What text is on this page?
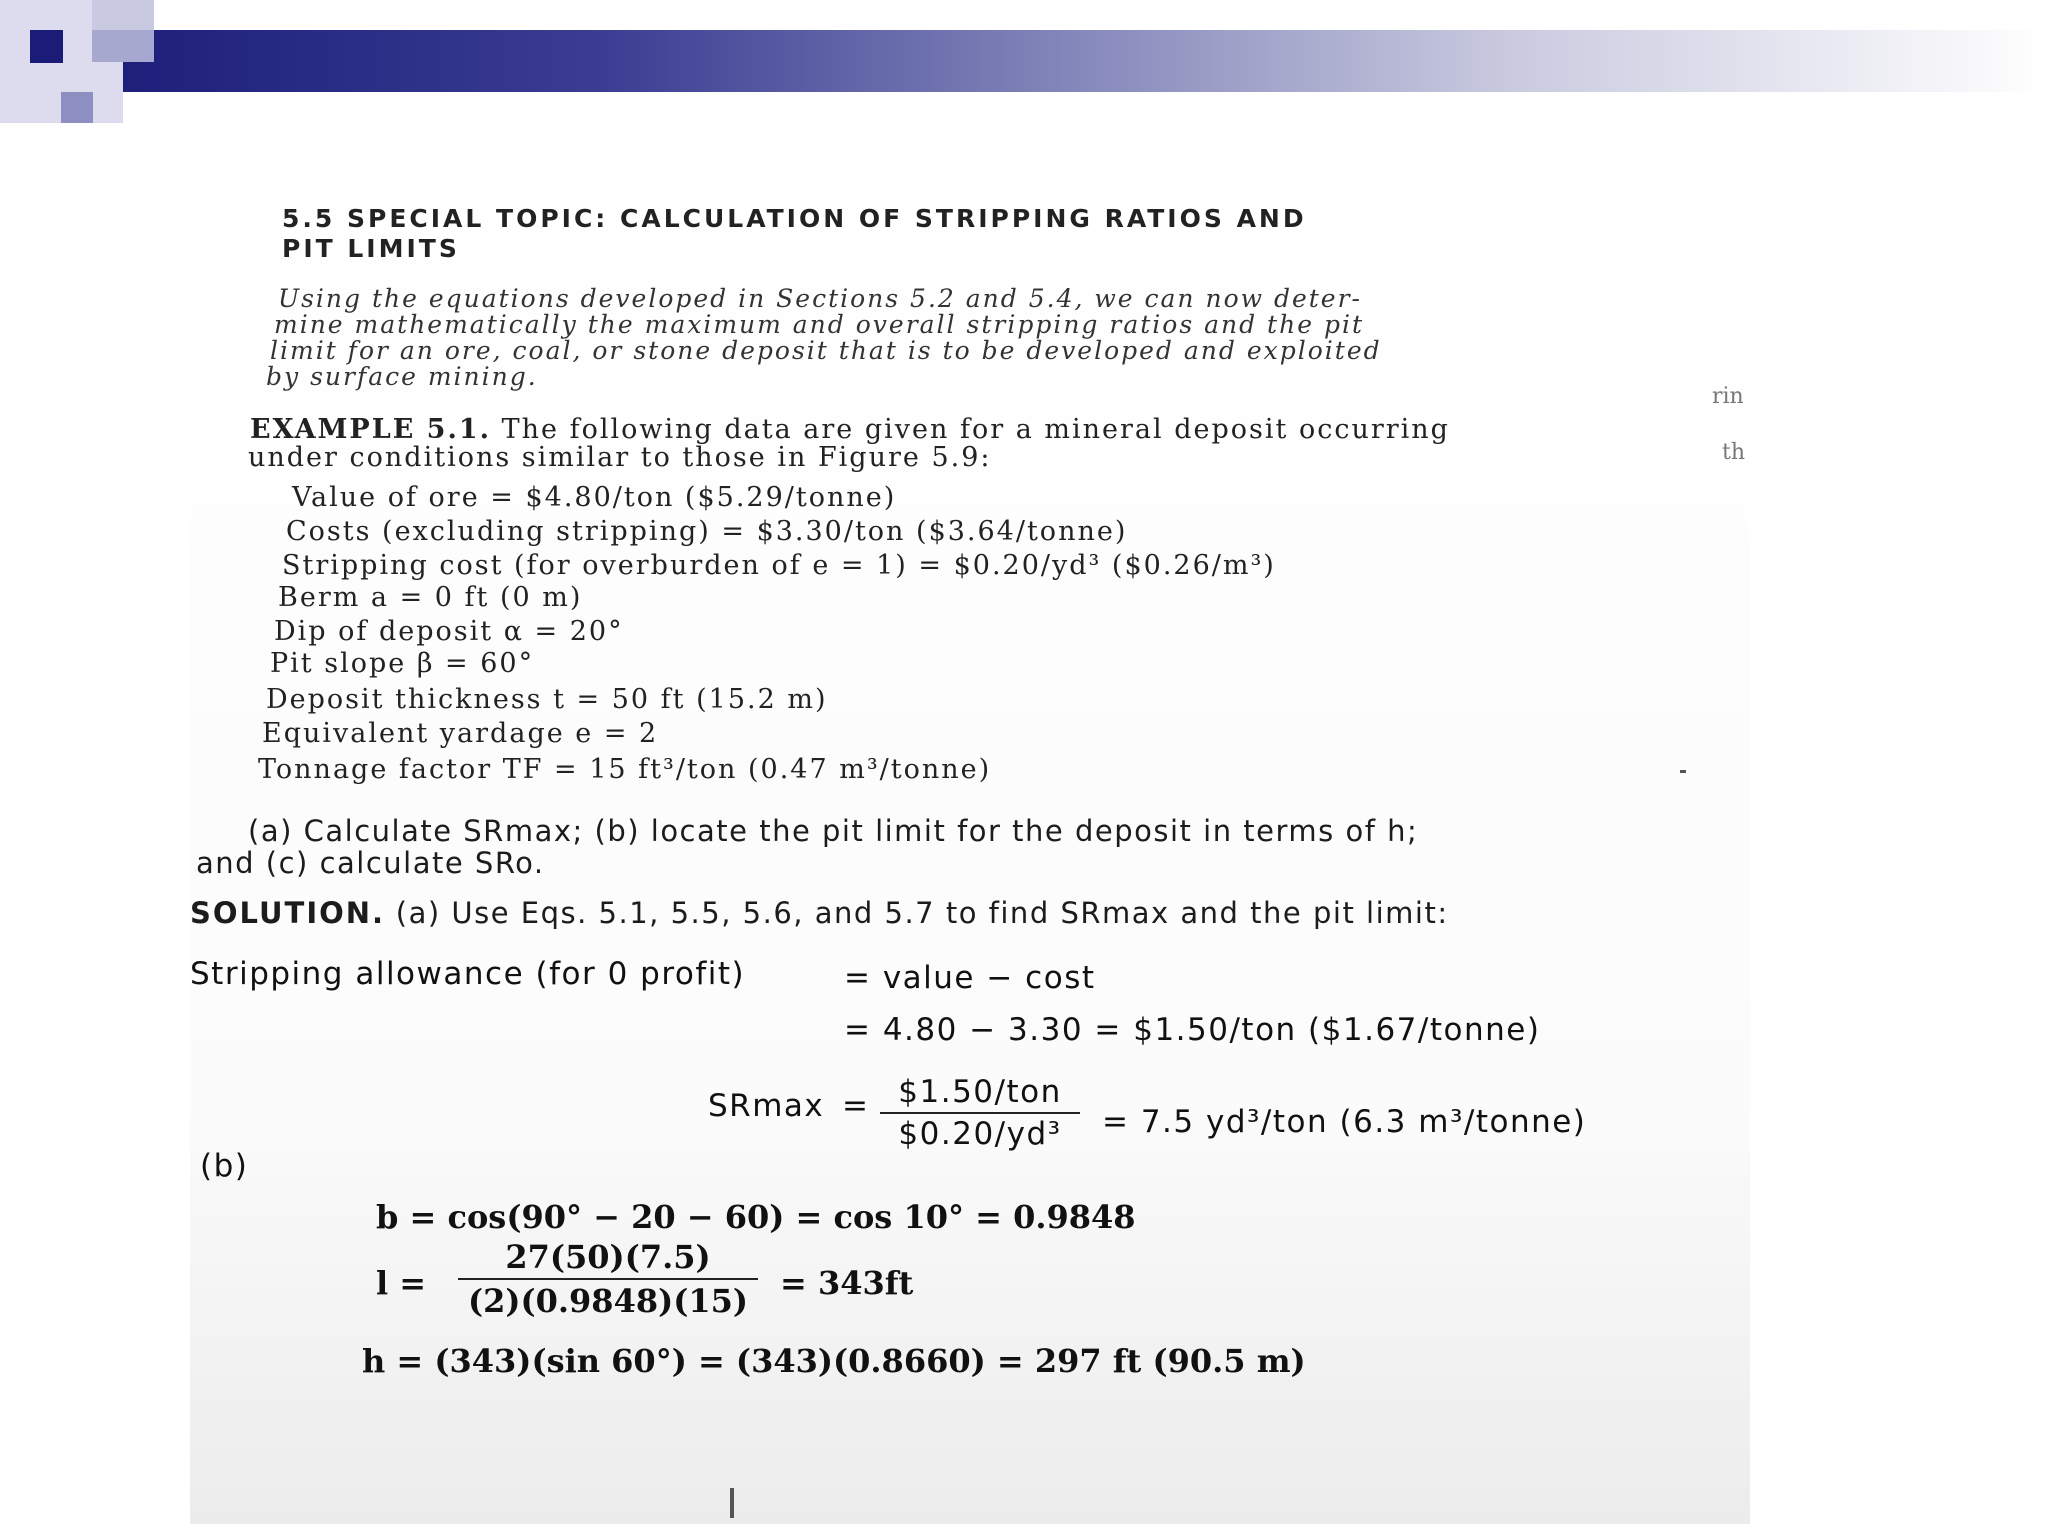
5.5 SPECIAL TOPIC: CALCULATION OF STRIPPING RATIOS AND
PIT LIMITS
Using the equations developed in Sections 5.2 and 5.4, we can now deter-
mine mathematically the maximum and overall stripping ratios and the pit
limit for an ore, coal, or stone deposit that is to be developed and exploited
by surface mining.
EXAMPLE 5.1. The following data are given for a mineral deposit occurring
under conditions similar to those in Figure 5.9:
Value of ore = $4.80/ton ($5.29/tonne)
Costs (excluding stripping) = $3.30/ton ($3.64/tonne)
Stripping cost (for overburden of e = 1) = $0.20/yd³ ($0.26/m³)
Berm a = 0 ft (0 m)
Dip of deposit α = 20°
Pit slope β = 60°
Deposit thickness t = 50 ft (15.2 m)
Equivalent yardage e = 2
Tonnage factor TF = 15 ft³/ton (0.47 m³/tonne)
(a) Calculate SRmax; (b) locate the pit limit for the deposit in terms of h;
and (c) calculate SRo.
SOLUTION. (a) Use Eqs. 5.1, 5.5, 5.6, and 5.7 to find SRmax and the pit limit:
Stripping allowance (for 0 profit)	= value − cost
= 4.80 − 3.30 = $1.50/ton ($1.67/tonne)
SRmax = $1.50/ton
$0.20/yd³	= 7.5 yd³/ton (6.3 m³/tonne)
(b)
b = cos(90° − 20 − 60) = cos 10° = 0.9848
l =
27(50)(7.5)
(2)(0.9848)(15) = 343ft
h = (343)(sin 60°) = (343)(0.8660) = 297 ft (90.5 m)
rin
th
